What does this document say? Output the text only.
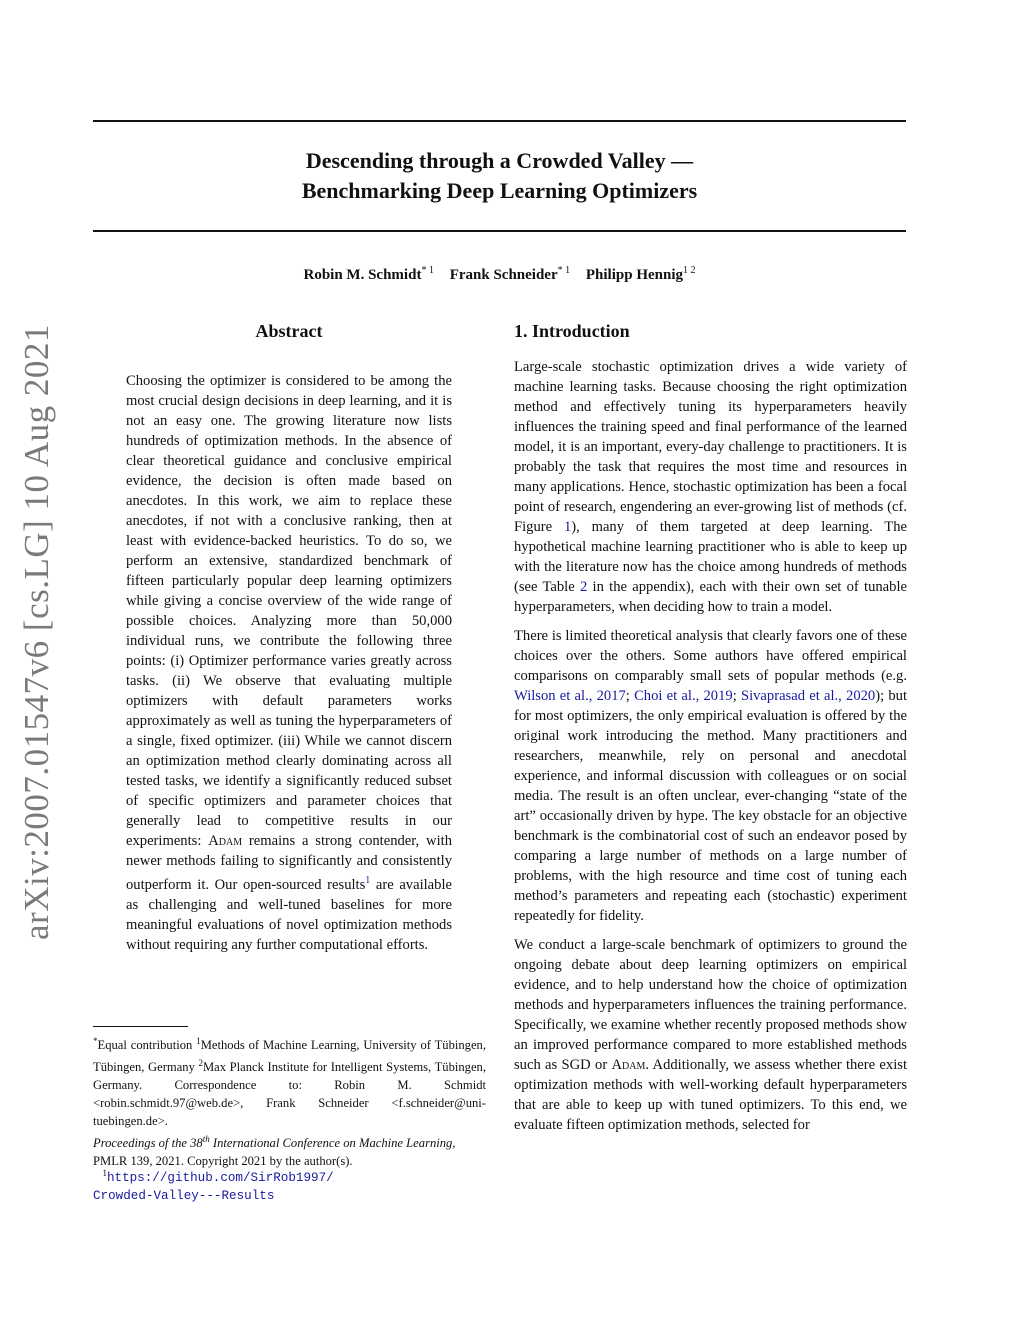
arXiv:2007.01547v6 [cs.LG] 10 Aug 2021
Descending through a Crowded Valley —
Benchmarking Deep Learning Optimizers
Robin M. Schmidt$^{* 1}$ Frank Schneider$^{* 1}$ Philipp Hennig$^{1 2}$
Abstract
Choosing the optimizer is considered to be among the most crucial design decisions in deep learning, and it is not an easy one. The growing literature now lists hundreds of optimization methods. In the absence of clear theoretical guidance and conclusive empirical evidence, the decision is often made based on anecdotes. In this work, we aim to replace these anecdotes, if not with a conclusive ranking, then at least with evidence-backed heuristics. To do so, we perform an extensive, standardized benchmark of fifteen particularly popular deep learning optimizers while giving a concise overview of the wide range of possible choices. Analyzing more than 50,000 individual runs, we contribute the following three points: (i) Optimizer performance varies greatly across tasks. (ii) We observe that evaluating multiple optimizers with default parameters works approximately as well as tuning the hyperparameters of a single, fixed optimizer. (iii) While we cannot discern an optimization method clearly dominating across all tested tasks, we identify a significantly reduced subset of specific optimizers and parameter choices that generally lead to competitive results in our experiments: Adam remains a strong contender, with newer methods failing to significantly and consistently outperform it. Our open-sourced results$^1$ are available as challenging and well-tuned baselines for more meaningful evaluations of novel optimization methods without requiring any further computational efforts.
*Equal contribution $^1$Methods of Machine Learning, University of Tübingen, Tübingen, Germany $^2$Max Planck Institute for Intelligent Systems, Tübingen, Germany. Correspondence to: Robin M. Schmidt <robin.schmidt.97@web.de>, Frank Schneider <f.schneider@uni-tuebingen.de>.
Proceedings of the 38th International Conference on Machine Learning, PMLR 139, 2021. Copyright 2021 by the author(s).
$^1$https://github.com/SirRob1997/
Crowded-Valley---Results
1. Introduction

Large-scale stochastic optimization drives a wide variety of machine learning tasks. Because choosing the right optimization method and effectively tuning its hyperparameters heavily influences the training speed and final performance of the learned model, it is an important, every-day challenge to practitioners. It is probably the task that requires the most time and resources in many applications. Hence, stochastic optimization has been a focal point of research, engendering an ever-growing list of methods (cf. Figure 1), many of them targeted at deep learning. The hypothetical machine learning practitioner who is able to keep up with the literature now has the choice among hundreds of methods (see Table 2 in the appendix), each with their own set of tunable hyperparameters, when deciding how to train a model.

There is limited theoretical analysis that clearly favors one of these choices over the others. Some authors have offered empirical comparisons on comparably small sets of popular methods (e.g. Wilson et al., 2017; Choi et al., 2019; Sivaprasad et al., 2020); but for most optimizers, the only empirical evaluation is offered by the original work introducing the method. Many practitioners and researchers, meanwhile, rely on personal and anecdotal experience, and informal discussion with colleagues or on social media. The result is an often unclear, ever-changing “state of the art” occasionally driven by hype. The key obstacle for an objective benchmark is the combinatorial cost of such an endeavor posed by comparing a large number of methods on a large number of problems, with the high resource and time cost of tuning each method’s parameters and repeating each (stochastic) experiment repeatedly for fidelity.

We conduct a large-scale benchmark of optimizers to ground the ongoing debate about deep learning optimizers on empirical evidence, and to help understand how the choice of optimization methods and hyperparameters influences the training performance. Specifically, we examine whether recently proposed methods show an improved performance compared to more established methods such as SGD or Adam. Additionally, we assess whether there exist optimization methods with well-working default hyperparameters that are able to keep up with tuned optimizers. To this end, we evaluate fifteen optimization methods, selected for
